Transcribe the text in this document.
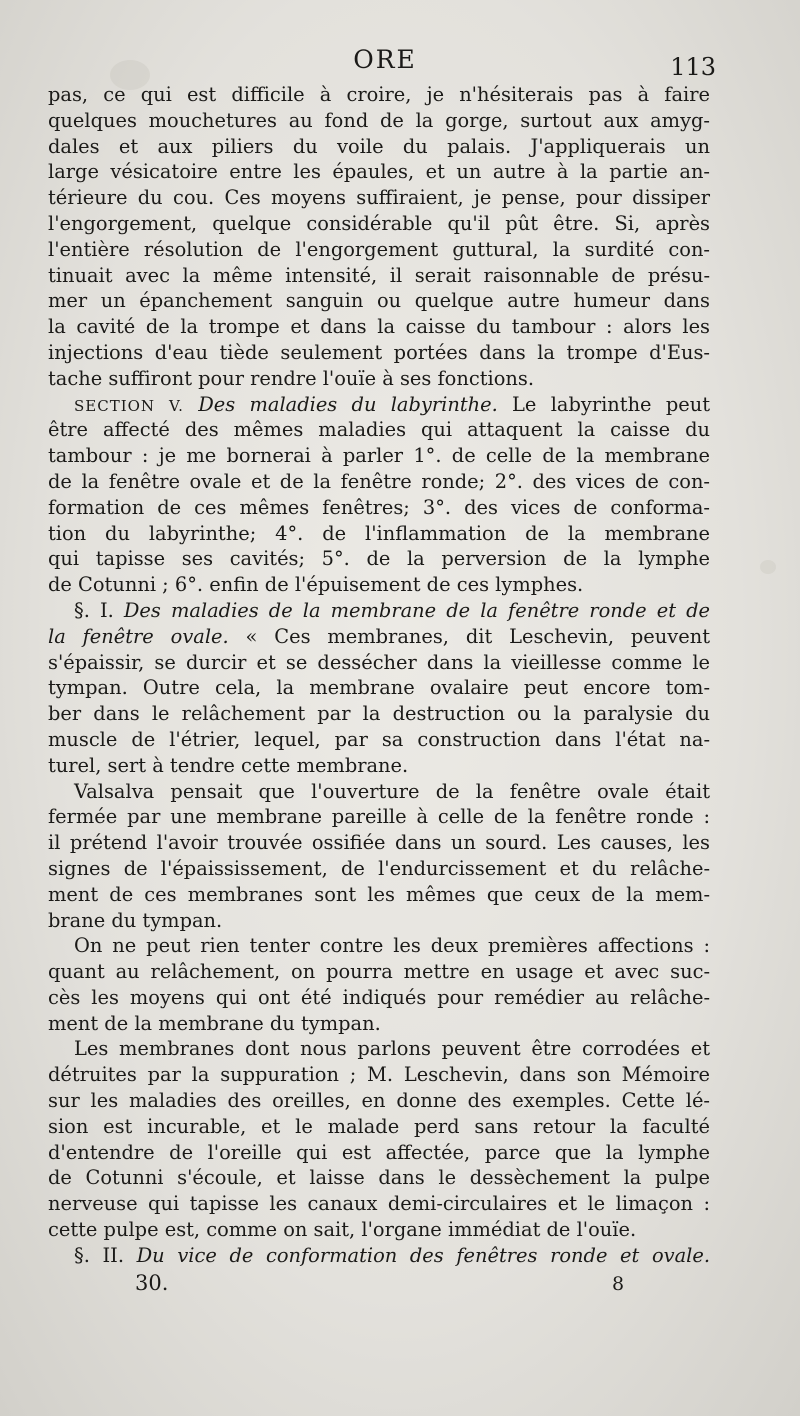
ORE	113
pas, ce qui est difficile à croire, je n'hésiterais pas à faire
quelques mouchetures au fond de la gorge, surtout aux amyg-
dales et aux piliers du voile du palais. J'appliquerais un
large vésicatoire entre les épaules, et un autre à la partie an-
térieure du cou. Ces moyens suffiraient, je pense, pour dissiper
l'engorgement, quelque considérable qu'il pût être. Si, après
l'entière résolution de l'engorgement guttural, la surdité con-
tinuait avec la même intensité, il serait raisonnable de présu-
mer un épanchement sanguin ou quelque autre humeur dans
la cavité de la trompe et dans la caisse du tambour : alors les
injections d'eau tiède seulement portées dans la trompe d'Eus-
tache suffiront pour rendre l'ouïe à ses fonctions.
SECTION V. Des maladies du labyrinthe. Le labyrinthe peut
être affecté des mêmes maladies qui attaquent la caisse du
tambour : je me bornerai à parler 1°. de celle de la membrane
de la fenêtre ovale et de la fenêtre ronde; 2°. des vices de con-
formation de ces mêmes fenêtres; 3°. des vices de conforma-
tion du labyrinthe; 4°. de l'inflammation de la membrane
qui tapisse ses cavités; 5°. de la perversion de la lymphe
de Cotunni ; 6°. enfin de l'épuisement de ces lymphes.
§. I. Des maladies de la membrane de la fenêtre ronde et de
la fenêtre ovale. « Ces membranes, dit Leschevin, peuvent
s'épaissir, se durcir et se dessécher dans la vieillesse comme le
tympan. Outre cela, la membrane ovalaire peut encore tom-
ber dans le relâchement par la destruction ou la paralysie du
muscle de l'étrier, lequel, par sa construction dans l'état na-
turel, sert à tendre cette membrane.
Valsalva pensait que l'ouverture de la fenêtre ovale était
fermée par une membrane pareille à celle de la fenêtre ronde :
il prétend l'avoir trouvée ossifiée dans un sourd. Les causes, les
signes de l'épaississement, de l'endurcissement et du relâche-
ment de ces membranes sont les mêmes que ceux de la mem-
brane du tympan.
On ne peut rien tenter contre les deux premières affections :
quant au relâchement, on pourra mettre en usage et avec suc-
cès les moyens qui ont été indiqués pour remédier au relâche-
ment de la membrane du tympan.
Les membranes dont nous parlons peuvent être corrodées et
détruites par la suppuration ; M. Leschevin, dans son Mémoire
sur les maladies des oreilles, en donne des exemples. Cette lé-
sion est incurable, et le malade perd sans retour la faculté
d'entendre de l'oreille qui est affectée, parce que la lymphe
de Cotunni s'écoule, et laisse dans le dessèchement la pulpe
nerveuse qui tapisse les canaux demi-circulaires et le limaçon :
cette pulpe est, comme on sait, l'organe immédiat de l'ouïe.
§. II. Du vice de conformation des fenêtres ronde et ovale.
30.	8
